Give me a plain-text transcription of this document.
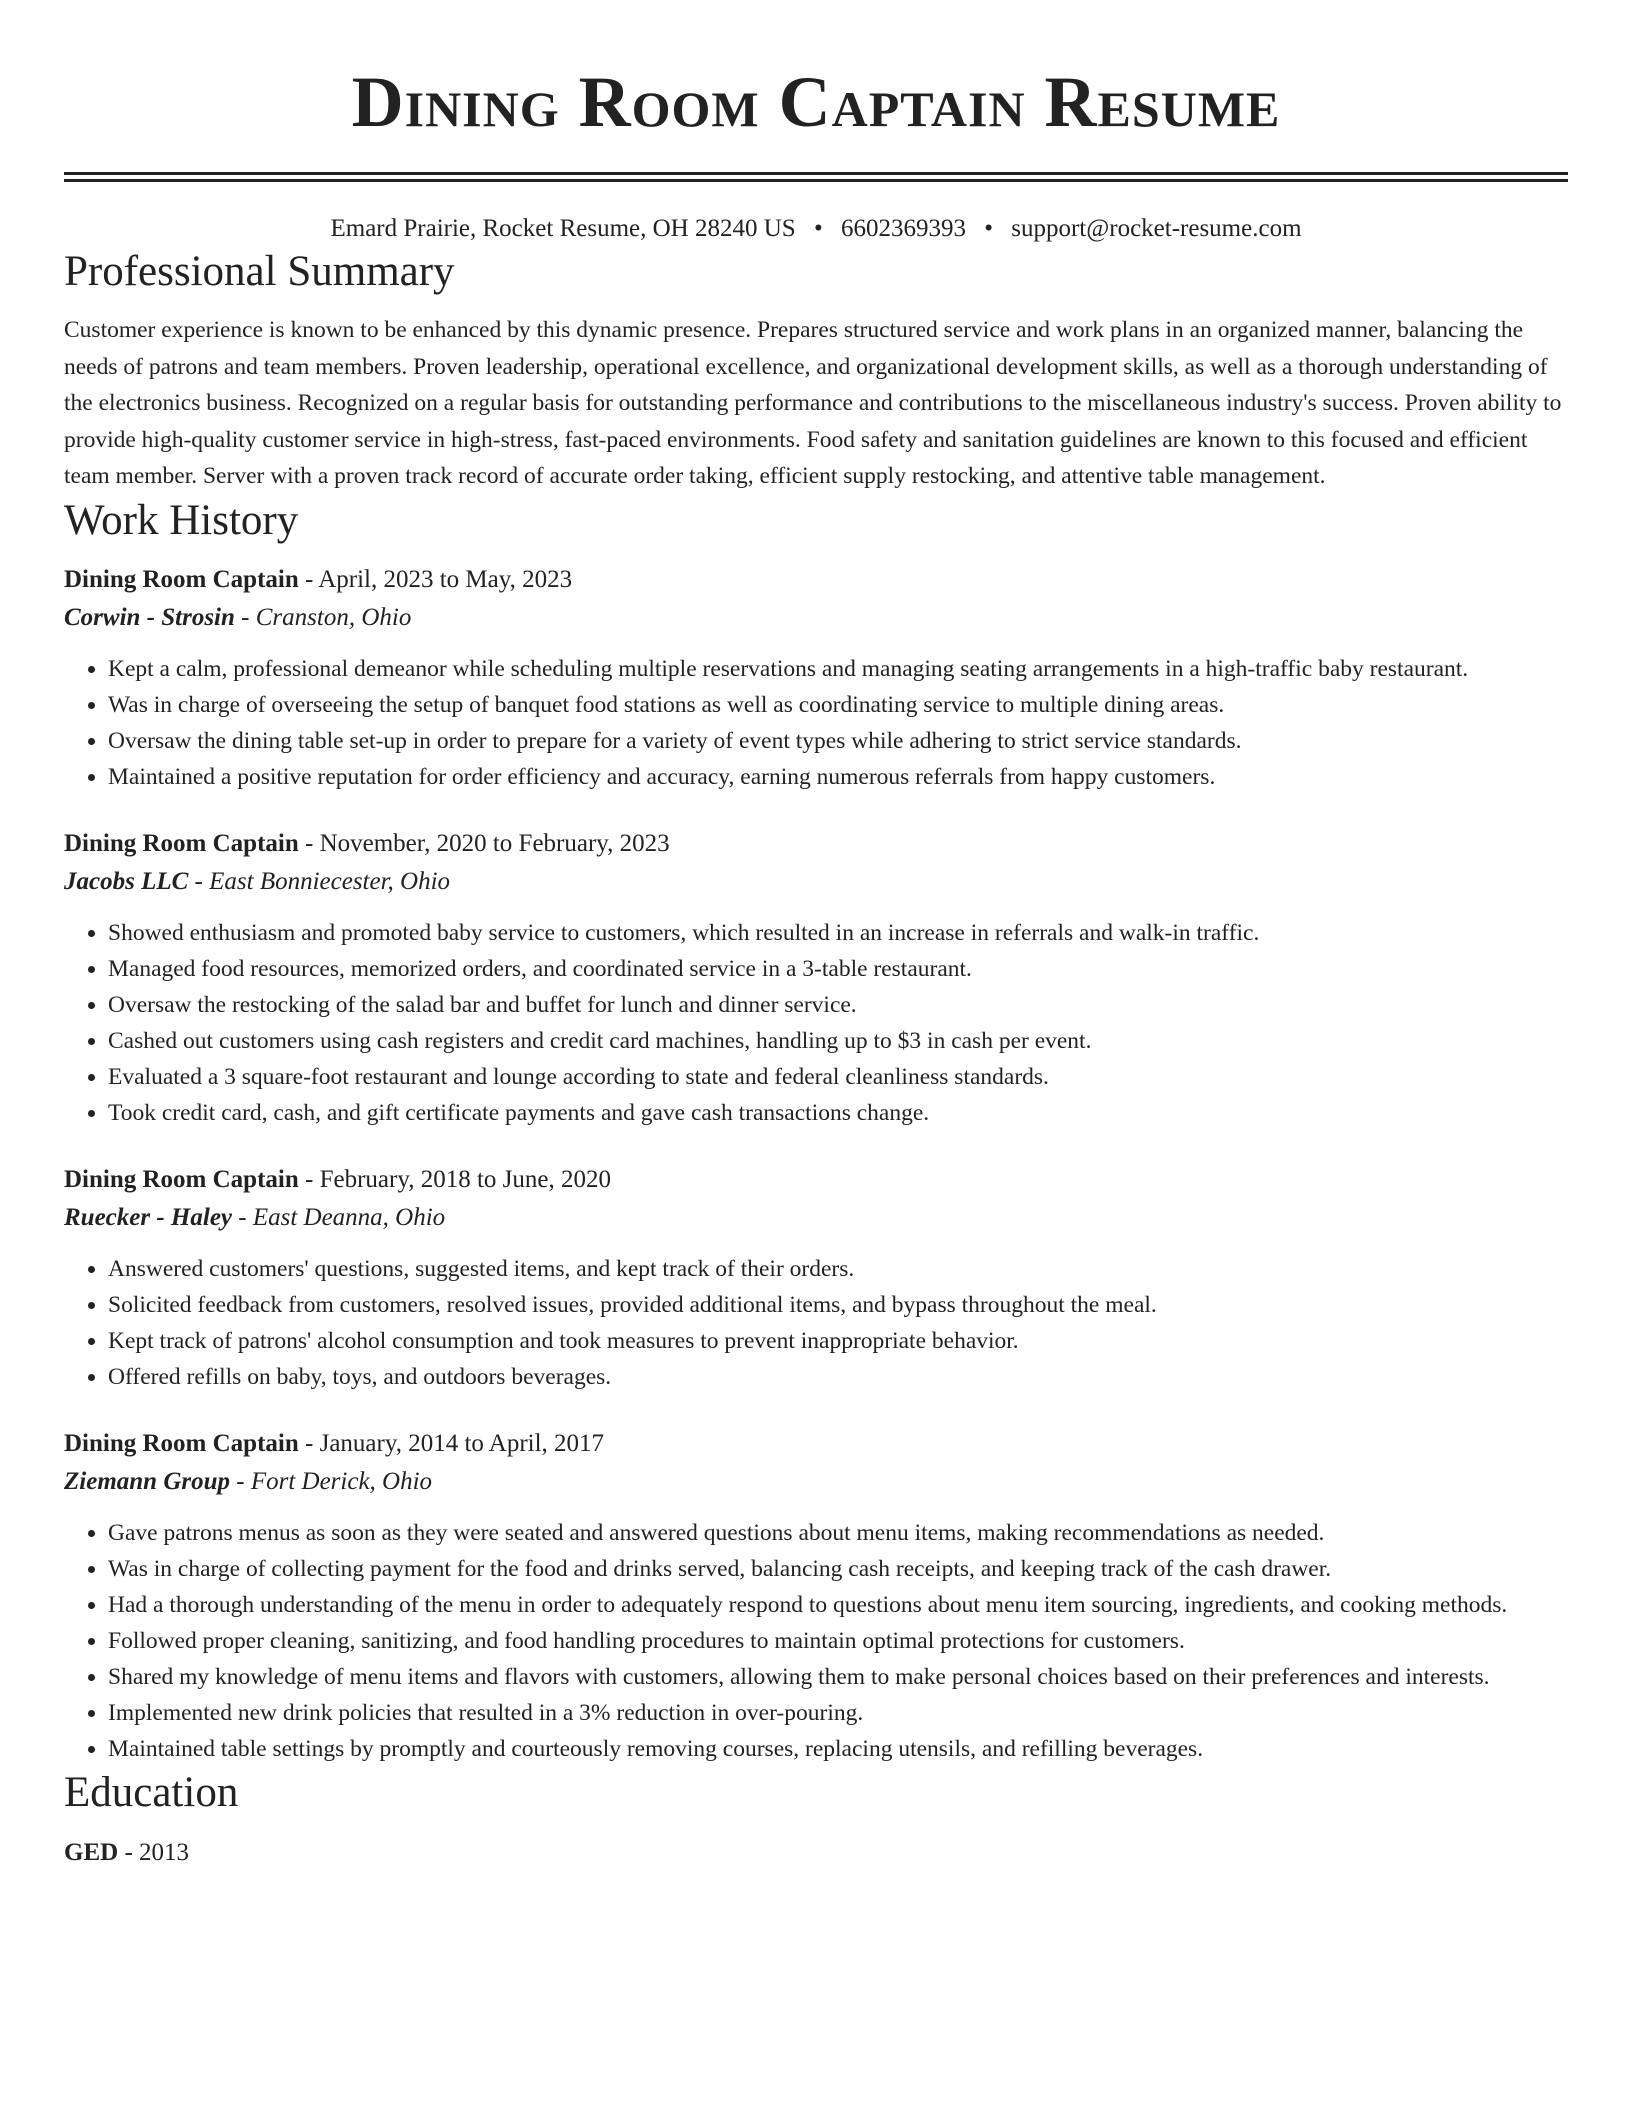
Dining Room Captain Resume
Emard Prairie, Rocket Resume, OH 28240 US • 6602369393 • support@rocket-resume.com
Professional Summary

Customer experience is known to be enhanced by this dynamic presence. Prepares structured service and work plans in an organized manner, balancing the needs of patrons and team members. Proven leadership, operational excellence, and organizational development skills, as well as a thorough understanding of the electronics business. Recognized on a regular basis for outstanding performance and contributions to the miscellaneous industry's success. Proven ability to provide high-quality customer service in high-stress, fast-paced environments. Food safety and sanitation guidelines are known to this focused and efficient team member. Server with a proven track record of accurate order taking, efficient supply restocking, and attentive table management.

Work History
Dining Room Captain - April, 2023 to May, 2023
Corwin - Strosin - Cranston, Ohio
• Kept a calm, professional demeanor while scheduling multiple reservations and managing seating arrangements in a high-traffic baby restaurant.
• Was in charge of overseeing the setup of banquet food stations as well as coordinating service to multiple dining areas.
• Oversaw the dining table set-up in order to prepare for a variety of event types while adhering to strict service standards.
• Maintained a positive reputation for order efficiency and accuracy, earning numerous referrals from happy customers.
Dining Room Captain - November, 2020 to February, 2023
Jacobs LLC - East Bonniecester, Ohio
• Showed enthusiasm and promoted baby service to customers, which resulted in an increase in referrals and walk-in traffic.
• Managed food resources, memorized orders, and coordinated service in a 3-table restaurant.
• Oversaw the restocking of the salad bar and buffet for lunch and dinner service.
• Cashed out customers using cash registers and credit card machines, handling up to $3 in cash per event.
• Evaluated a 3 square-foot restaurant and lounge according to state and federal cleanliness standards.
• Took credit card, cash, and gift certificate payments and gave cash transactions change.
Dining Room Captain - February, 2018 to June, 2020
Ruecker - Haley - East Deanna, Ohio
• Answered customers' questions, suggested items, and kept track of their orders.
• Solicited feedback from customers, resolved issues, provided additional items, and bypass throughout the meal.
• Kept track of patrons' alcohol consumption and took measures to prevent inappropriate behavior.
• Offered refills on baby, toys, and outdoors beverages.
Dining Room Captain - January, 2014 to April, 2017
Ziemann Group - Fort Derick, Ohio
• Gave patrons menus as soon as they were seated and answered questions about menu items, making recommendations as needed.
• Was in charge of collecting payment for the food and drinks served, balancing cash receipts, and keeping track of the cash drawer.
• Had a thorough understanding of the menu in order to adequately respond to questions about menu item sourcing, ingredients, and cooking methods.
• Followed proper cleaning, sanitizing, and food handling procedures to maintain optimal protections for customers.
• Shared my knowledge of menu items and flavors with customers, allowing them to make personal choices based on their preferences and interests.
• Implemented new drink policies that resulted in a 3% reduction in over-pouring.
• Maintained table settings by promptly and courteously removing courses, replacing utensils, and refilling beverages.
Education
GED - 2013
